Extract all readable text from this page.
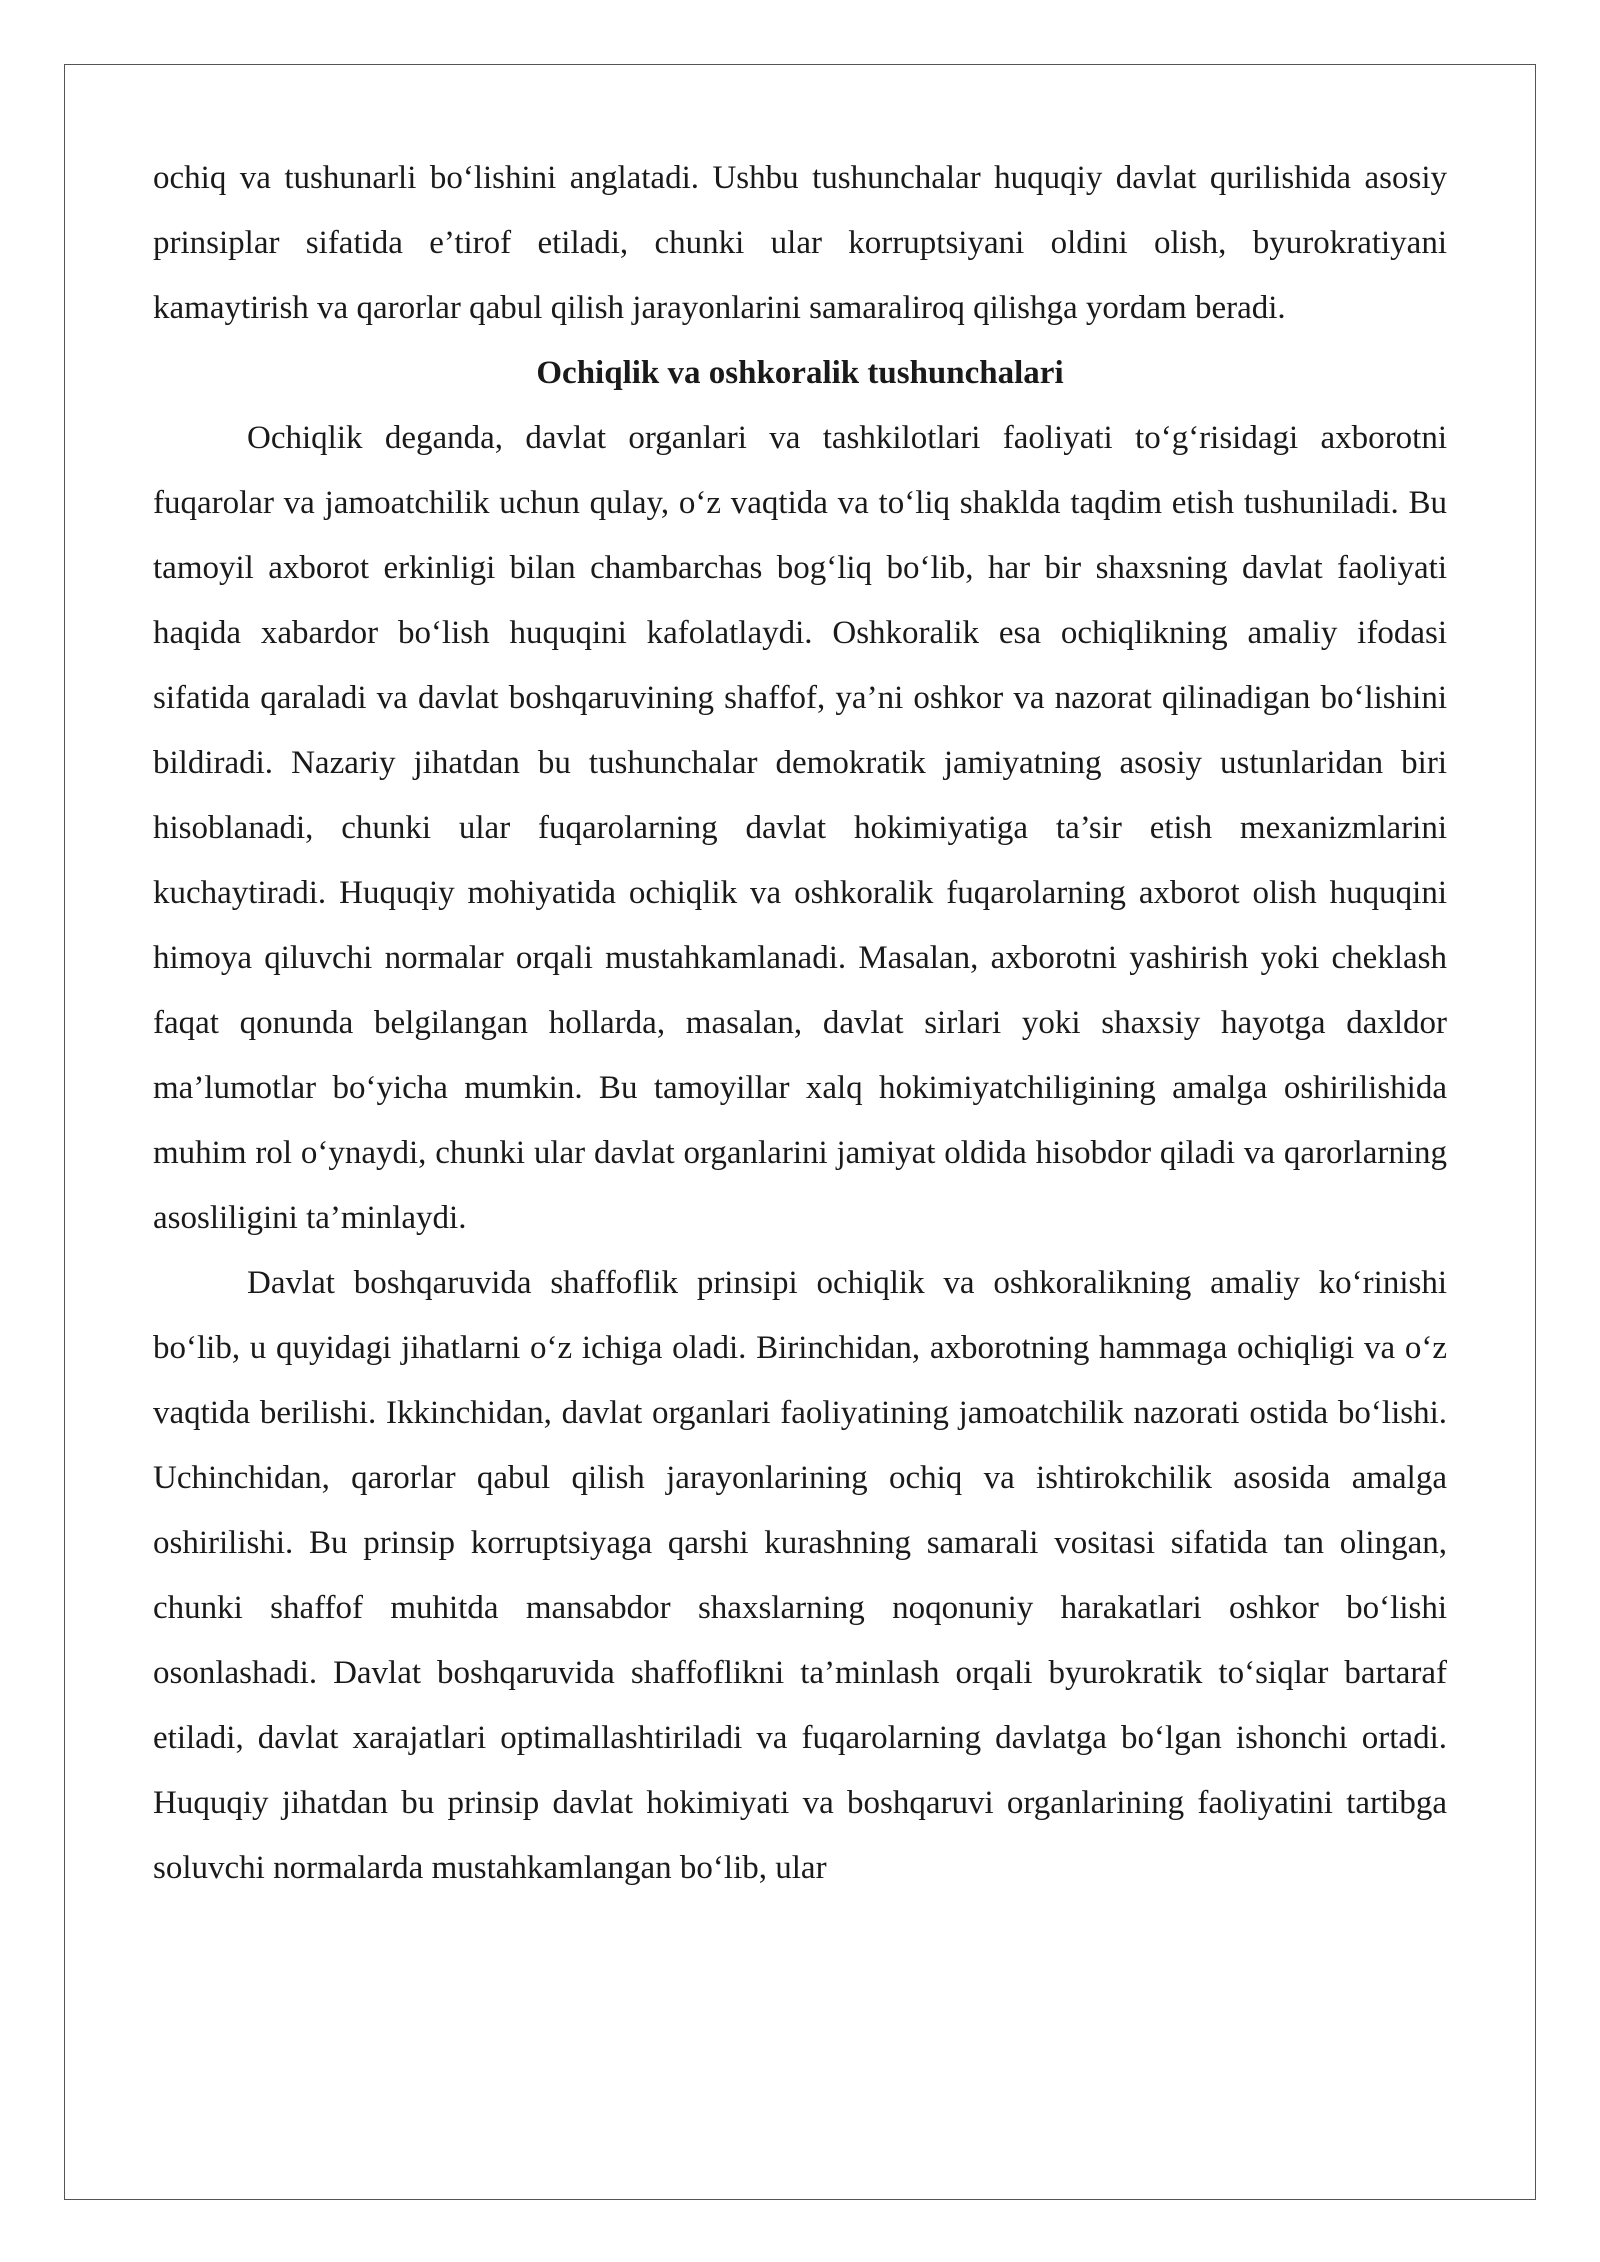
ochiq va tushunarli bo‘lishini anglatadi. Ushbu tushunchalar huquqiy davlat qurilishida asosiy prinsiplar sifatida e’tirof etiladi, chunki ular korruptsiyani oldini olish, byurokratiyani kamaytirish va qarorlar qabul qilish jarayonlarini samaraliroq qilishga yordam beradi.

Ochiqlik va oshkoralik tushunchalari

Ochiqlik deganda, davlat organlari va tashkilotlari faoliyati to‘g‘risidagi axborotni fuqarolar va jamoatchilik uchun qulay, o‘z vaqtida va to‘liq shaklda taqdim etish tushuniladi. Bu tamoyil axborot erkinligi bilan chambarchas bog‘liq bo‘lib, har bir shaxsning davlat faoliyati haqida xabardor bo‘lish huquqini kafolatlaydi. Oshkoralik esa ochiqlikning amaliy ifodasi sifatida qaraladi va davlat boshqaruvining shaffof, ya’ni oshkor va nazorat qilinadigan bo‘lishini bildiradi. Nazariy jihatdan bu tushunchalar demokratik jamiyatning asosiy ustunlaridan biri hisoblanadi, chunki ular fuqarolarning davlat hokimiyatiga ta’sir etish mexanizmlarini kuchaytiradi. Huquqiy mohiyatida ochiqlik va oshkoralik fuqarolarning axborot olish huquqini himoya qiluvchi normalar orqali mustahkamlanadi. Masalan, axborotni yashirish yoki cheklash faqat qonunda belgilangan hollarda, masalan, davlat sirlari yoki shaxsiy hayotga daxldor ma’lumotlar bo‘yicha mumkin. Bu tamoyillar xalq hokimiyatchiligining amalga oshirilishida muhim rol o‘ynaydi, chunki ular davlat organlarini jamiyat oldida hisobdor qiladi va qarorlarning asosliligini ta’minlaydi.

Davlat boshqaruvida shaffoflik prinsipi ochiqlik va oshkoralikning amaliy ko‘rinishi bo‘lib, u quyidagi jihatlarni o‘z ichiga oladi. Birinchidan, axborotning hammaga ochiqligi va o‘z vaqtida berilishi. Ikkinchidan, davlat organlari faoliyatining jamoatchilik nazorati ostida bo‘lishi. Uchinchidan, qarorlar qabul qilish jarayonlarining ochiq va ishtirokchilik asosida amalga oshirilishi. Bu prinsip korruptsiyaga qarshi kurashning samarali vositasi sifatida tan olingan, chunki shaffof muhitda mansabdor shaxslarning noqonuniy harakatlari oshkor bo‘lishi osonlashadi. Davlat boshqaruvida shaffoflikni ta’minlash orqali byurokratik to‘siqlar bartaraf etiladi, davlat xarajatlari optimallashtiriladi va fuqarolarning davlatga bo‘lgan ishonchi ortadi. Huquqiy jihatdan bu prinsip davlat hokimiyati va boshqaruvi organlarining faoliyatini tartibga soluvchi normalarda mustahkamlangan bo‘lib, ular
